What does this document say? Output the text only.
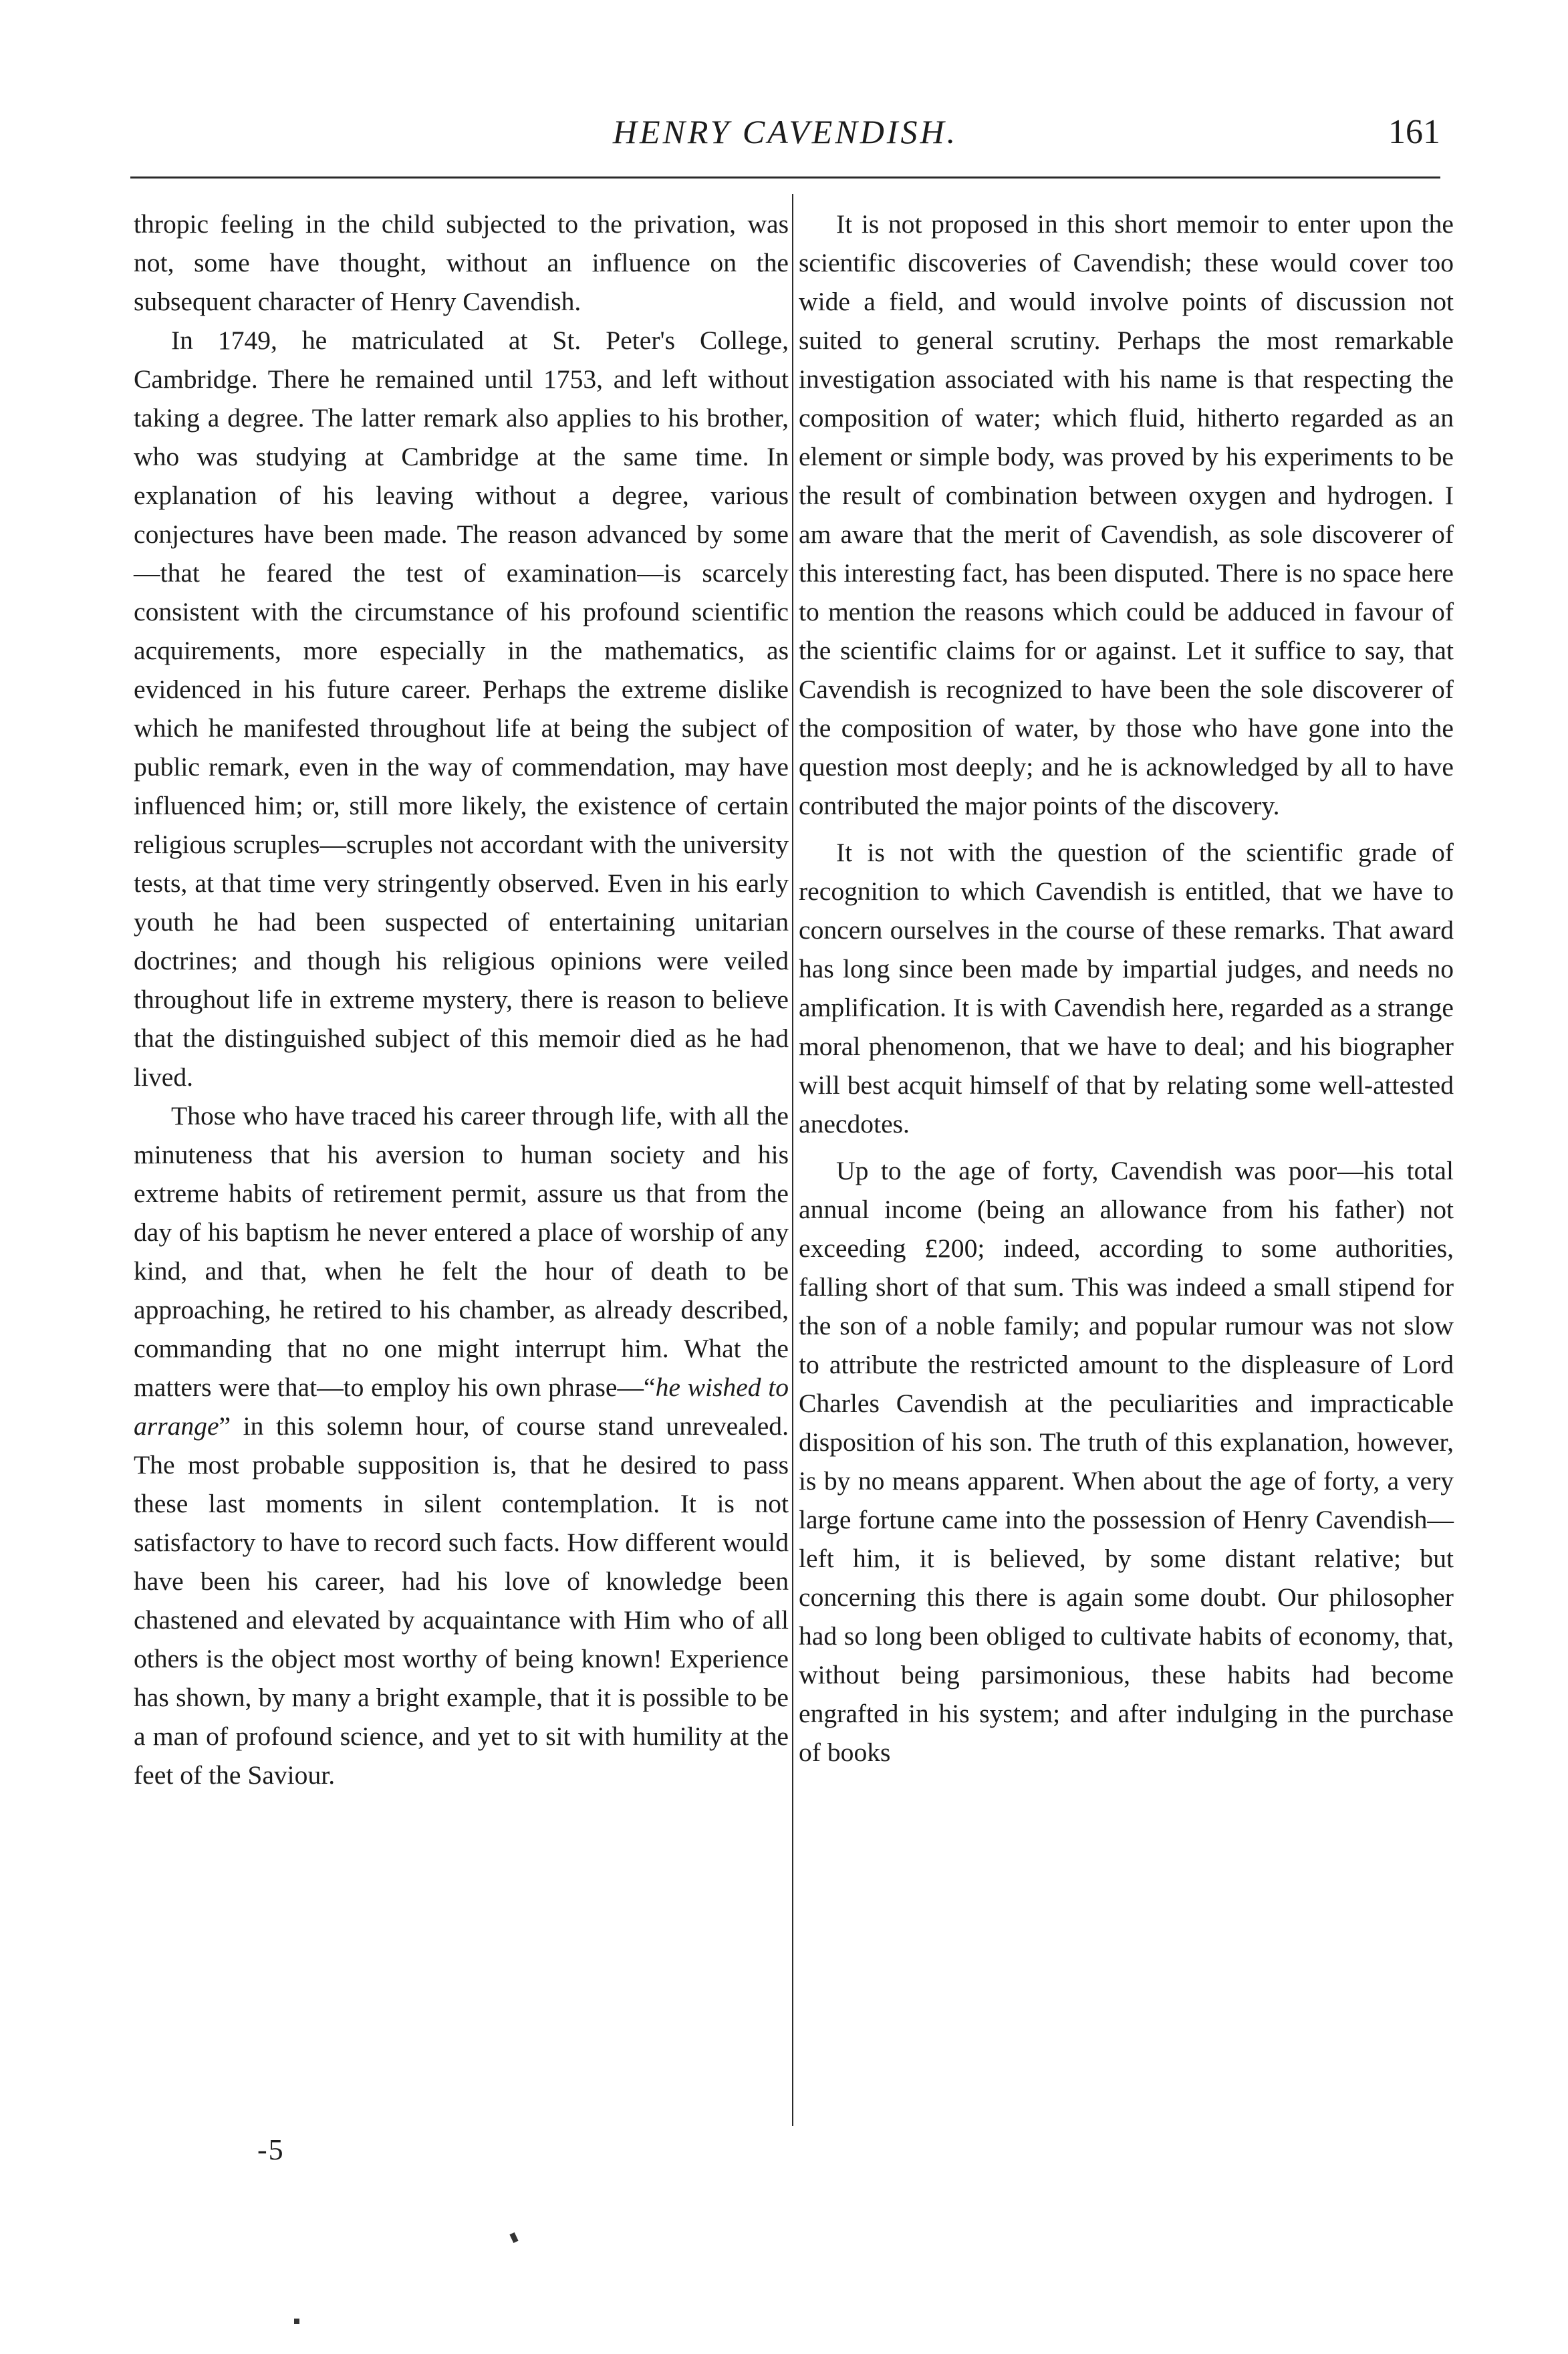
HENRY CAVENDISH.	161

thropic feeling in the child subjected to the privation, was not, some have thought, without an influence on the subsequent character of Henry Cavendish.

In 1749, he matriculated at St. Peter's College, Cambridge. There he remained until 1753, and left without taking a degree. The latter remark also applies to his brother, who was studying at Cambridge at the same time. In explanation of his leaving without a degree, various conjectures have been made. The reason advanced by some—that he feared the test of examination—is scarcely consistent with the circumstance of his profound scientific acquirements, more especially in the mathematics, as evidenced in his future career. Perhaps the extreme dislike which he manifested throughout life at being the subject of public remark, even in the way of commendation, may have influenced him; or, still more likely, the existence of certain religious scruples—scruples not accordant with the university tests, at that time very stringently observed. Even in his early youth he had been suspected of entertaining unitarian doctrines; and though his religious opinions were veiled throughout life in extreme mystery, there is reason to believe that the distinguished subject of this memoir died as he had lived.

Those who have traced his career through life, with all the minuteness that his aversion to human society and his extreme habits of retirement permit, assure us that from the day of his baptism he never entered a place of worship of any kind, and that, when he felt the hour of death to be approaching, he retired to his chamber, as already described, commanding that no one might interrupt him. What the matters were that—to employ his own phrase—“he wished to arrange” in this solemn hour, of course stand unrevealed. The most probable supposition is, that he desired to pass these last moments in silent contemplation. It is not satisfactory to have to record such facts. How different would have been his career, had his love of knowledge been chastened and elevated by acquaintance with Him who of all others is the object most worthy of being known! Experience has shown, by many a bright example, that it is possible to be a man of profound science, and yet to sit with humility at the feet of the Saviour.

It is not proposed in this short memoir to enter upon the scientific discoveries of Cavendish; these would cover too wide a field, and would involve points of discussion not suited to general scrutiny. Perhaps the most remarkable investigation associated with his name is that respecting the composition of water; which fluid, hitherto regarded as an element or simple body, was proved by his experiments to be the result of combination between oxygen and hydrogen. I am aware that the merit of Cavendish, as sole discoverer of this interesting fact, has been disputed. There is no space here to mention the reasons which could be adduced in favour of the scientific claims for or against. Let it suffice to say, that Cavendish is recognized to have been the sole discoverer of the composition of water, by those who have gone into the question most deeply; and he is acknowledged by all to have contributed the major points of the discovery.

It is not with the question of the scientific grade of recognition to which Cavendish is entitled, that we have to concern ourselves in the course of these remarks. That award has long since been made by impartial judges, and needs no amplification. It is with Cavendish here, regarded as a strange moral phenomenon, that we have to deal; and his biographer will best acquit himself of that by relating some well-attested anecdotes.

Up to the age of forty, Cavendish was poor—his total annual income (being an allowance from his father) not exceeding £200; indeed, according to some authorities, falling short of that sum. This was indeed a small stipend for the son of a noble family; and popular rumour was not slow to attribute the restricted amount to the displeasure of Lord Charles Cavendish at the peculiarities and impracticable disposition of his son. The truth of this explanation, however, is by no means apparent. When about the age of forty, a very large fortune came into the possession of Henry Cavendish—left him, it is believed, by some distant relative; but concerning this there is again some doubt. Our philosopher had so long been obliged to cultivate habits of economy, that, without being parsimonious, these habits had become engrafted in his system; and after indulging in the purchase of books

-5
